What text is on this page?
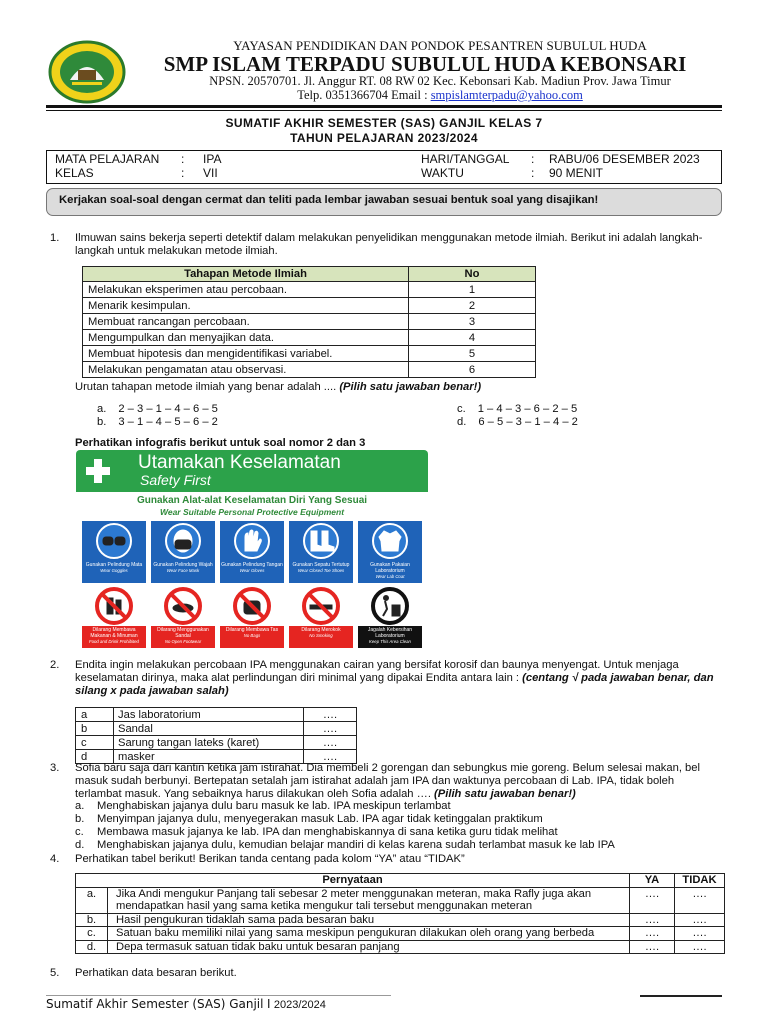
YAYASAN PENDIDIKAN DAN PONDOK PESANTREN SUBULUL HUDA
SMP ISLAM TERPADU SUBULUL HUDA KEBONSARI
NPSN. 20570701. Jl. Anggur RT. 08 RW 02 Kec. Kebonsari Kab. Madiun Prov. Jawa Timur
Telp. 0351366704 Email : smpislamterpadu@yahoo.com
SUMATIF AKHIR SEMESTER (SAS) GANJIL KELAS 7
TAHUN PELAJARAN 2023/2024
MATA PELAJARAN : IPA
KELAS	: VII
HARI/TANGGAL : RABU/06 DESEMBER 2023
WAKTU	: 90 MENIT
Kerjakan soal-soal dengan cermat dan teliti pada lembar jawaban sesuai bentuk soal yang disajikan!
1. Ilmuwan sains bekerja seperti detektif dalam melakukan penyelidikan menggunakan metode ilmiah. Berikut ini adalah langkah-langkah untuk melakukan metode ilmiah.
Tahapan Metode Ilmiah	No
Melakukan eksperimen atau percobaan.	1
Menarik kesimpulan.	2
Membuat rancangan percobaan.	3
Mengumpulkan dan menyajikan data.	4
Membuat hipotesis dan mengidentifikasi variabel.	5
Melakukan pengamatan atau observasi.	6
Urutan tahapan metode ilmiah yang benar adalah .... (Pilih satu jawaban benar!)
a. 2 – 3 – 1 – 4 – 6 – 5
b. 3 – 1 – 4 – 5 – 6 – 2
c. 1 – 4 – 3 – 6 – 2 – 5
d. 6 – 5 – 3 – 1 – 4 – 2
Perhatikan infografis berikut untuk soal nomor 2 dan 3
Utamakan Keselamatan
Safety First
Gunakan Alat-alat Keselamatan Diri Yang Sesuai
Wear Suitable Personal Protective Equipment
Gunakan Pelindung Mata
Wear Goggles
Gunakan Pelindung Wajah
Wear Face Mask
Gunakan Pelindung Tangan
Wear Gloves
Gunakan Sepatu Tertutup
Wear Closed Toe Shoes
Gunakan Pakaian Laboratorium
Wear Lab Coat
Dilarang Membawa Makanan & Minuman
Food and Drink Prohibited
Dilarang Menggunakan Sandal
No Open Footwear
Dilarang Membawa Tas
No Bags
Dilarang Merokok
No Smoking
Jagalah Kebersihan Laboratorium
Keep This Area Clean
2. Endita ingin melakukan percobaan IPA menggunakan cairan yang bersifat korosif dan baunya menyengat. Untuk menjaga keselamatan dirinya, maka alat perlindungan diri minimal yang dipakai Endita antara lain : (centang √ pada jawaban benar, dan silang x pada jawaban salah)
a	Jas laboratorium	….
b	Sandal	….
c	Sarung tangan lateks (karet)	….
d	masker	….
3. Sofia baru saja dari kantin ketika jam istirahat. Dia membeli 2 gorengan dan sebungkus mie goreng. Belum selesai makan, bel masuk sudah berbunyi. Bertepatan setalah jam istirahat adalah jam IPA dan waktunya percobaan di Lab. IPA, tidak boleh terlambat masuk. Yang sebaiknya harus dilakukan oleh Sofia adalah …. (Pilih satu jawaban benar!)
a. Menghabiskan jajanya dulu baru masuk ke lab. IPA meskipun terlambat
b. Menyimpan jajanya dulu, menyegerakan masuk Lab. IPA agar tidak ketinggalan praktikum
c. Membawa masuk jajanya ke lab. IPA dan menghabiskannya di sana ketika guru tidak melihat
d. Menghabiskan jajanya dulu, kemudian belajar mandiri di kelas karena sudah terlambat masuk ke lab IPA
4. Perhatikan tabel berikut! Berikan tanda centang pada kolom “YA” atau “TIDAK”
Pernyataan		YA	TIDAK
a.	Jika Andi mengukur Panjang tali sebesar 2 meter menggunakan meteran, maka Rafly juga akan mendapatkan hasil yang sama ketika mengukur tali tersebut menggunakan meteran	….	….
b.	Hasil pengukuran tidaklah sama pada besaran baku	….	….
c.	Satuan baku memiliki nilai yang sama meskipun pengukuran dilakukan oleh orang yang berbeda	….	….
d.	Depa termasuk satuan tidak baku untuk besaran panjang	….	….
5. Perhatikan data besaran berikut.
Sumatif Akhir Semester (SAS) Ganjil I 2023/2024
